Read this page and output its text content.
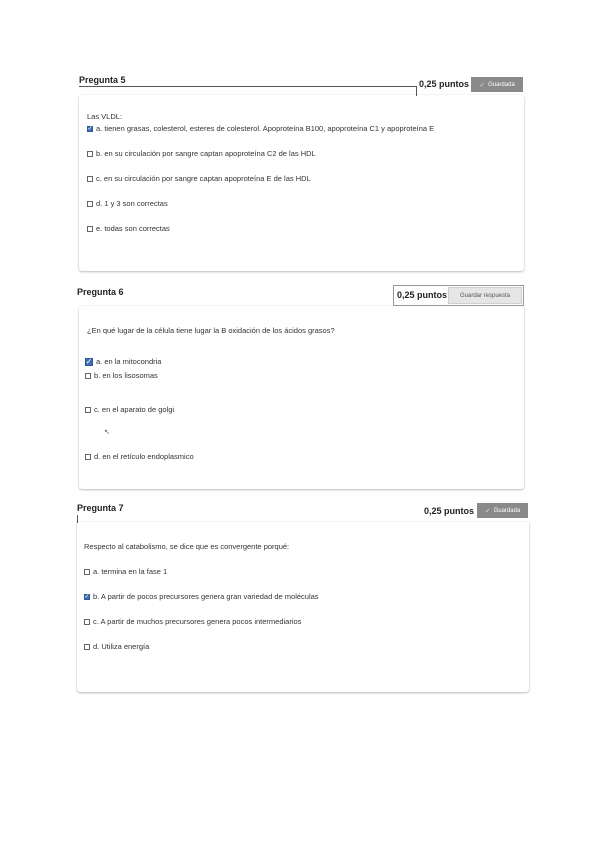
Pregunta 5	0,25 puntos ✓ Guardada
Las VLDL:
✓
a. tienen grasas, colesterol, esteres de colesterol. Apoproteína B100, apoproteína C1 y apoproteína E
b. en su circulación por sangre captan apoproteína C2 de las HDL
c. en su circulación por sangre captan apoproteína E de las HDL
d. 1 y 3 son correctas
e. todas son correctas
Pregunta 6	0,25 puntos Guardar respuesta
¿En qué lugar de la célula tiene lugar la B oxidación de los ácidos grasos?
✓
a. en la mitocondria
b. en los lisosomas
c. en el aparato de golgi
↖
d. en el retículo endoplasmico
Pregunta 7	0,25 puntos ✓ Guardada
Respecto al catabolismo, se dice que es convergente porqué:
a. termina en la fase 1
✓
b. A partir de pocos precursores genera gran variedad de moléculas
c. A partir de muchos precursores genera pocos intermediarios
d. Utiliza energía
